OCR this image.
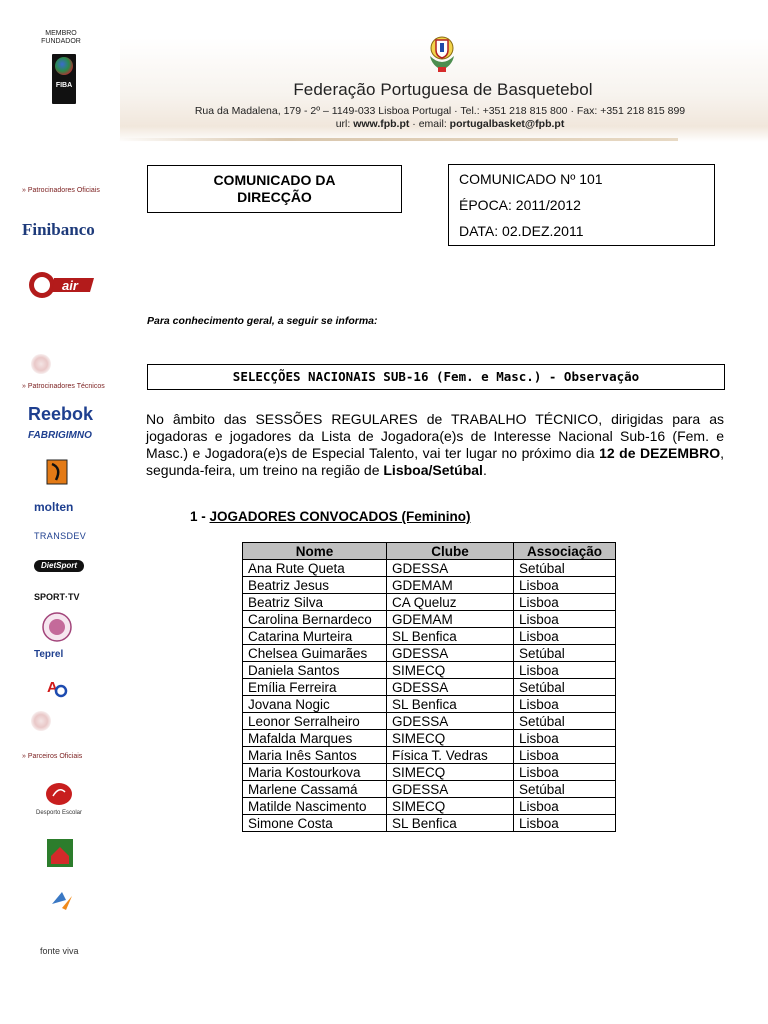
MEMBRO FUNDADOR
FIBA	Federação Portuguesa de Basquetebol
Rua da Madalena, 179 - 2º – 1149-033 Lisboa Portugal · Tel.: +351 218 815 800 · Fax: +351 218 815 899
url: www.fpb.pt · email: portugalbasket@fpb.pt
» Patrocinadores Oficiais
Finibanco
air
» Patrocinadores Técnicos
Reebok
FABRIGIMNO
molten
TRANSDEV
DietSport
SPORT·TV
Teprel
A
» Parceiros Oficiais
Desporto Escolar
fonte viva
COMUNICADO DA
DIRECÇÃO
COMUNICADO Nº 101
ÉPOCA: 2011/2012
DATA: 02.DEZ.2011
Para conhecimento geral, a seguir se informa:
SELECÇÕES NACIONAIS SUB-16 (Fem. e Masc.) - Observação
No âmbito das SESSÕES REGULARES de TRABALHO TÉCNICO, dirigidas para as jogadoras e jogadores da Lista de Jogadora(e)s de Interesse Nacional Sub-16 (Fem. e Masc.) e Jogadora(e)s de Especial Talento, vai ter lugar no próximo dia 12 de DEZEMBRO, segunda-feira, um treino na região de Lisboa/Setúbal.
1 - JOGADORES CONVOCADOS (Feminino)
Nome	Clube	Associação
Ana Rute Queta	GDESSA	Setúbal
Beatriz Jesus	GDEMAM	Lisboa
Beatriz Silva	CA Queluz	Lisboa
Carolina Bernardeco	GDEMAM	Lisboa
Catarina Murteira	SL Benfica	Lisboa
Chelsea Guimarães	GDESSA	Setúbal
Daniela Santos	SIMECQ	Lisboa
Emília Ferreira	GDESSA	Setúbal
Jovana Nogic	SL Benfica	Lisboa
Leonor Serralheiro	GDESSA	Setúbal
Mafalda Marques	SIMECQ	Lisboa
Maria Inês Santos	Física T. Vedras	Lisboa
Maria Kostourkova	SIMECQ	Lisboa
Marlene Cassamá	GDESSA	Setúbal
Matilde Nascimento	SIMECQ	Lisboa
Simone Costa	SL Benfica	Lisboa
